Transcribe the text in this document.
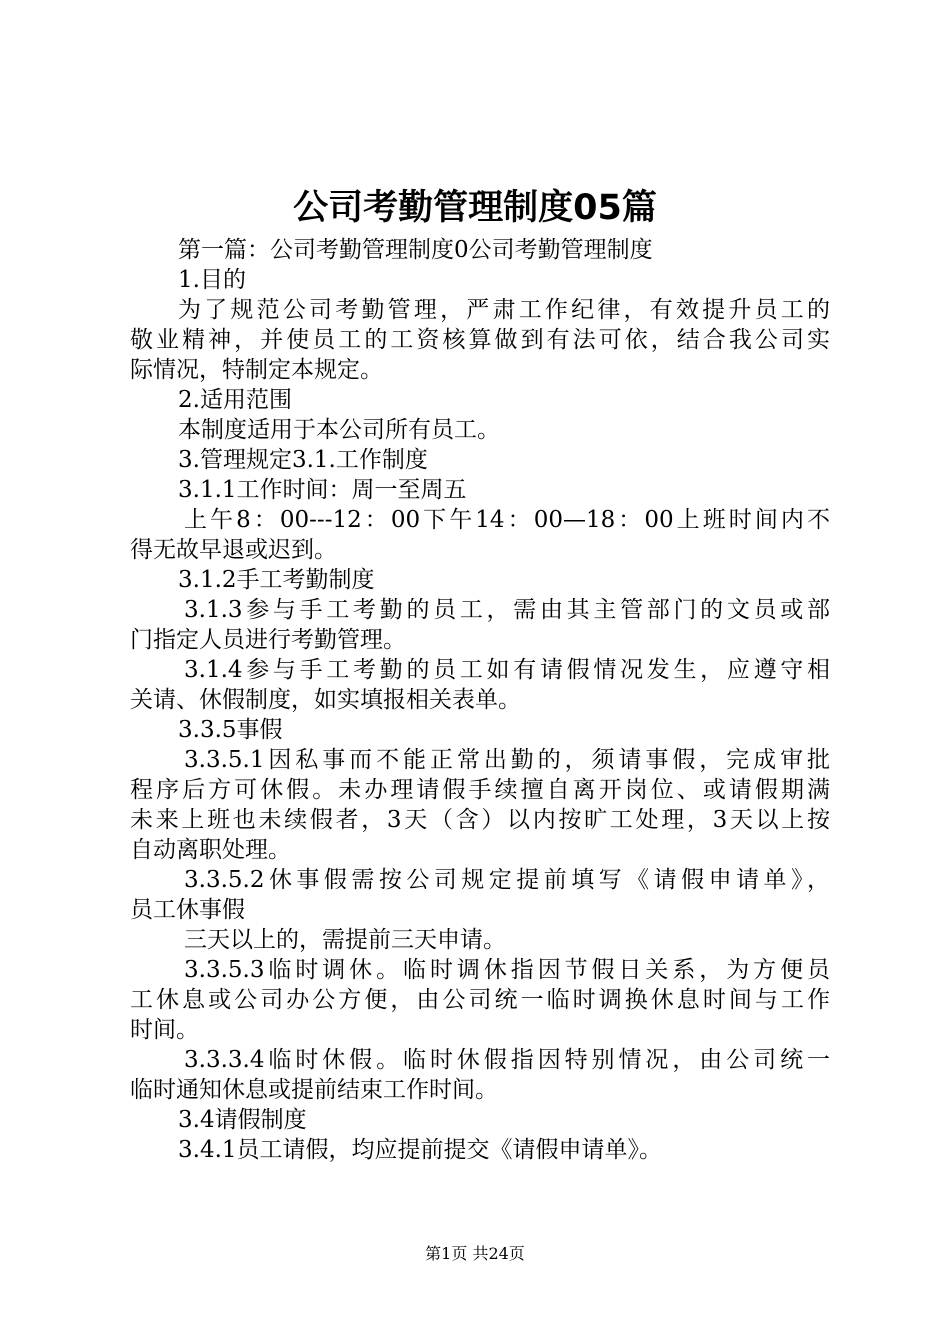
公司考勤管理制度05篇
第一篇：公司考勤管理制度0公司考勤管理制度
1.目的
为了规范公司考勤管理，严肃工作纪律，有效提升员工的
敬业精神，并使员工的工资核算做到有法可依，结合我公司实
际情况，特制定本规定。
2.适用范围
本制度适用于本公司所有员工。
3.管理规定3.1.工作制度
3.1.1工作时间：周一至周五
上午8：00---12：00下午14：00—18：00上班时间内不
得无故早退或迟到。
3.1.2手工考勤制度
3.1.3参与手工考勤的员工，需由其主管部门的文员或部
门指定人员进行考勤管理。
3.1.4参与手工考勤的员工如有请假情况发生，应遵守相
关请、休假制度，如实填报相关表单。
3.3.5事假
3.3.5.1因私事而不能正常出勤的，须请事假，完成审批
程序后方可休假。未办理请假手续擅自离开岗位、或请假期满
未来上班也未续假者，3天（含）以内按旷工处理，3天以上按
自动离职处理。
3.3.5.2休事假需按公司规定提前填写《请假申请单》，
员工休事假
三天以上的，需提前三天申请。
3.3.5.3临时调休。临时调休指因节假日关系，为方便员
工休息或公司办公方便，由公司统一临时调换休息时间与工作
时间。
3.3.3.4临时休假。临时休假指因特别情况，由公司统一
临时通知休息或提前结束工作时间。
3.4请假制度
3.4.1员工请假，均应提前提交《请假申请单》。
第1页 共24页
